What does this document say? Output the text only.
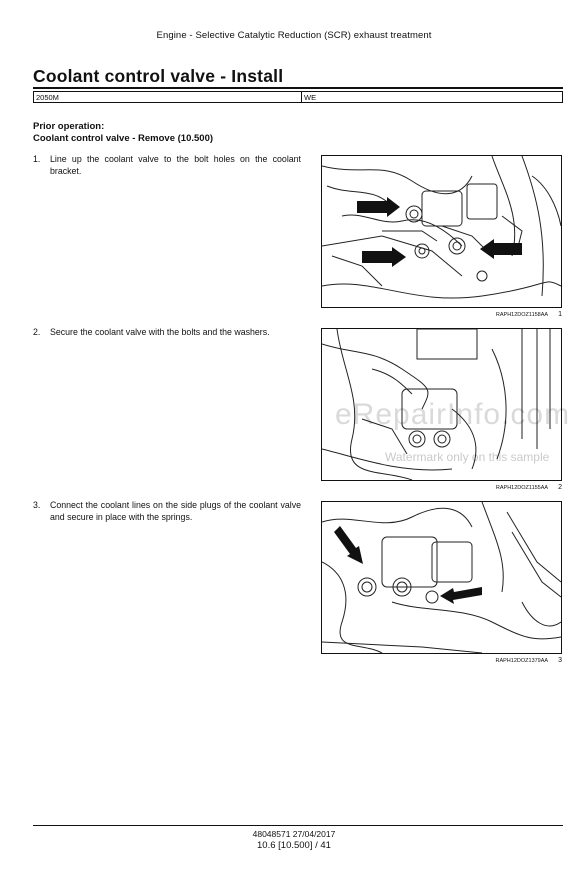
Engine - Selective Catalytic Reduction (SCR) exhaust treatment
Coolant control valve - Install
2050M	WE
Prior operation:
Coolant control valve - Remove (10.500)
1.	Line up the coolant valve to the bolt holes on the coolant bracket.
RAPH12DOZ1158AA 1
2.	Secure the coolant valve with the bolts and the washers.
RAPH12DOZ1155AA 2
eRepairInfo.com
Watermark only on this sample
3.	Connect the coolant lines on the side plugs of the coolant valve and secure in place with the springs.
RAPH12DOZ1379AA 3
48048571 27/04/2017
10.6 [10.500] / 41
